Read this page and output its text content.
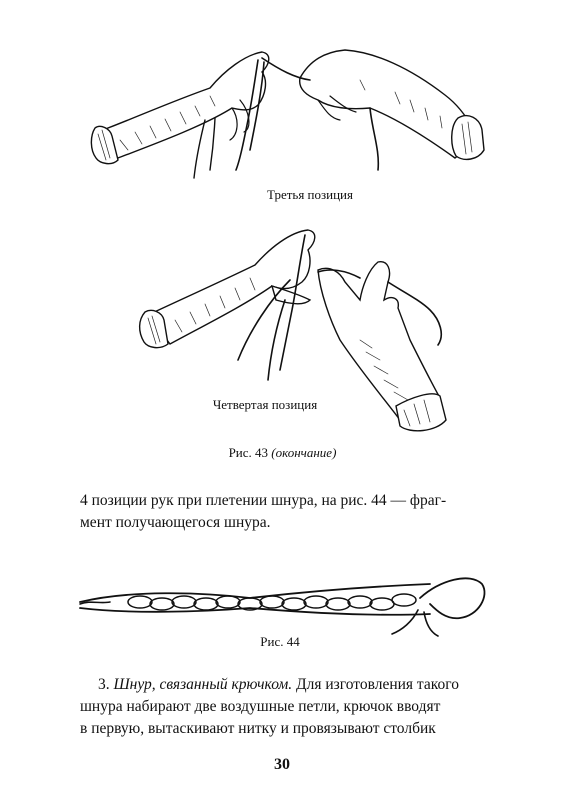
Третья позиция
Четвертая позиция
Рис. 43 (окончание)
4 позиции рук при плетении шнура, на рис. 44 — фраг-
мент получающегося шнура.
Рис. 44
3. Шнур, связанный крючком. Для изготовления такого
шнура набирают две воздушные петли, крючок вводят
в первую, вытаскивают нитку и провязывают столбик
30
